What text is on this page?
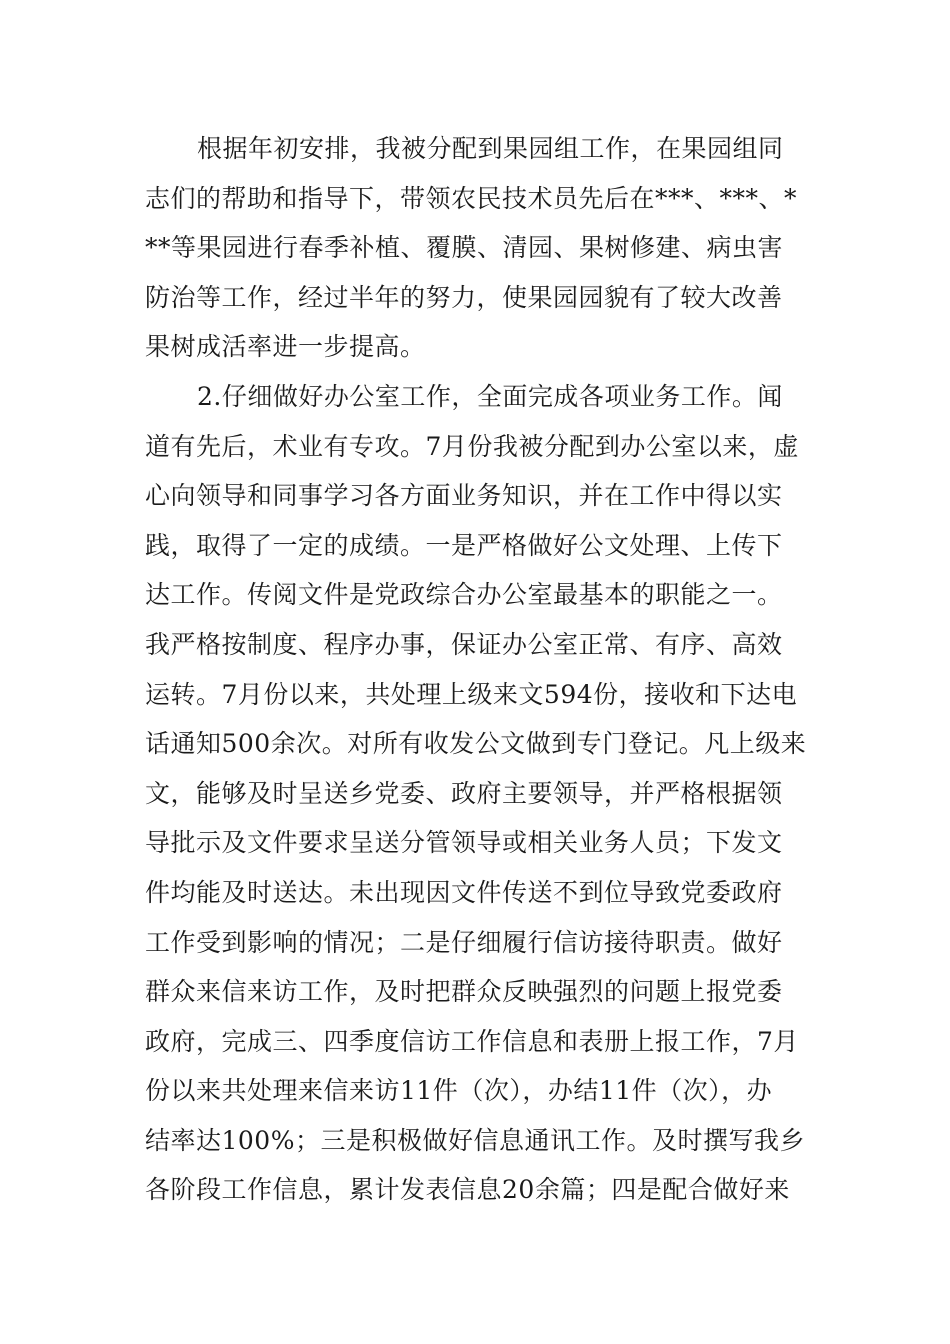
根据年初安排，我被分配到果园组工作，在果园组同
志们的帮助和指导下，带领农民技术员先后在***、***、*
**等果园进行春季补植、覆膜、清园、果树修建、病虫害
防治等工作，经过半年的努力，使果园园貌有了较大改善
果树成活率进一步提高。
2.仔细做好办公室工作，全面完成各项业务工作。闻
道有先后，术业有专攻。7月份我被分配到办公室以来，虚
心向领导和同事学习各方面业务知识，并在工作中得以实
践，取得了一定的成绩。一是严格做好公文处理、上传下
达工作。传阅文件是党政综合办公室最基本的职能之一。
我严格按制度、程序办事，保证办公室正常、有序、高效
运转。7月份以来，共处理上级来文594份，接收和下达电
话通知500余次。对所有收发公文做到专门登记。凡上级来
文，能够及时呈送乡党委、政府主要领导，并严格根据领
导批示及文件要求呈送分管领导或相关业务人员；下发文
件均能及时送达。未出现因文件传送不到位导致党委政府
工作受到影响的情况；二是仔细履行信访接待职责。做好
群众来信来访工作，及时把群众反映强烈的问题上报党委
政府，完成三、四季度信访工作信息和表册上报工作，7月
份以来共处理来信来访11件（次），办结11件（次），办
结率达100%；三是积极做好信息通讯工作。及时撰写我乡
各阶段工作信息，累计发表信息20余篇；四是配合做好来
